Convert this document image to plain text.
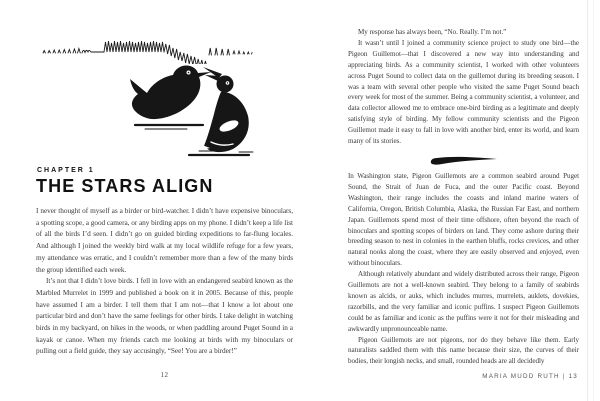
CHAPTER 1
THE STARS ALIGN

I never thought of myself as a birder or bird-watcher. I didn’t have expensive binoculars, a spotting scope, a good camera, or any birding apps on my phone. I didn’t keep a life list of all the birds I’d seen. I didn’t go on guided birding expeditions to far-flung locales. And although I joined the weekly bird walk at my local wildlife refuge for a few years, my attendance was erratic, and I couldn’t remember more than a few of the many birds the group identified each week.

It’s not that I didn’t love birds. I fell in love with an endangered seabird known as the Marbled Murrelet in 1999 and published a book on it in 2005. Because of this, people have assumed I am a birder. I tell them that I am not—that I know a lot about one particular bird and don’t have the same feelings for other birds. I take delight in watching birds in my backyard, on hikes in the woods, or when paddling around Puget Sound in a kayak or canoe. When my friends catch me looking at birds with my binoculars or pulling out a field guide, they say accusingly, “See! You are a birder!”

12

My response has always been, “No. Really. I’m not.”

It wasn’t until I joined a community science project to study one bird—the Pigeon Guillemot—that I discovered a new way into understanding and appreciating birds. As a community scientist, I worked with other volunteers across Puget Sound to collect data on the guillemot during its breeding season. I was a team with several other people who visited the same Puget Sound beach every week for most of the summer. Being a community scientist, a volunteer, and data collector allowed me to embrace one-bird birding as a legitimate and deeply satisfying style of birding. My fellow community scientists and the Pigeon Guillemot made it easy to fall in love with another bird, enter its world, and learn many of its stories.

In Washington state, Pigeon Guillemots are a common seabird around Puget Sound, the Strait of Juan de Fuca, and the outer Pacific coast. Beyond Washington, their range includes the coasts and inland marine waters of California, Oregon, British Columbia, Alaska, the Russian Far East, and northern Japan. Guillemots spend most of their time offshore, often beyond the reach of binoculars and spotting scopes of birders on land. They come ashore during their breeding season to nest in colonies in the earthen bluffs, rocks crevices, and other natural nooks along the coast, where they are easily observed and enjoyed, even without binoculars.

Although relatively abundant and widely distributed across their range, Pigeon Guillemots are not a well-known seabird. They belong to a family of seabirds known as alcids, or auks, which includes murres, murrelets, auklets, dovekies, razorbills, and the very familiar and iconic puffins. I suspect Pigeon Guillemots could be as familiar and iconic as the puffins were it not for their misleading and awkwardly unpronounceable name.

Pigeon Guillemots are not pigeons, nor do they behave like them. Early naturalists saddled them with this name because their size, the curves of their bodies, their longish necks, and small, rounded heads are all decidedly

MARIA MUDD RUTH | 13
